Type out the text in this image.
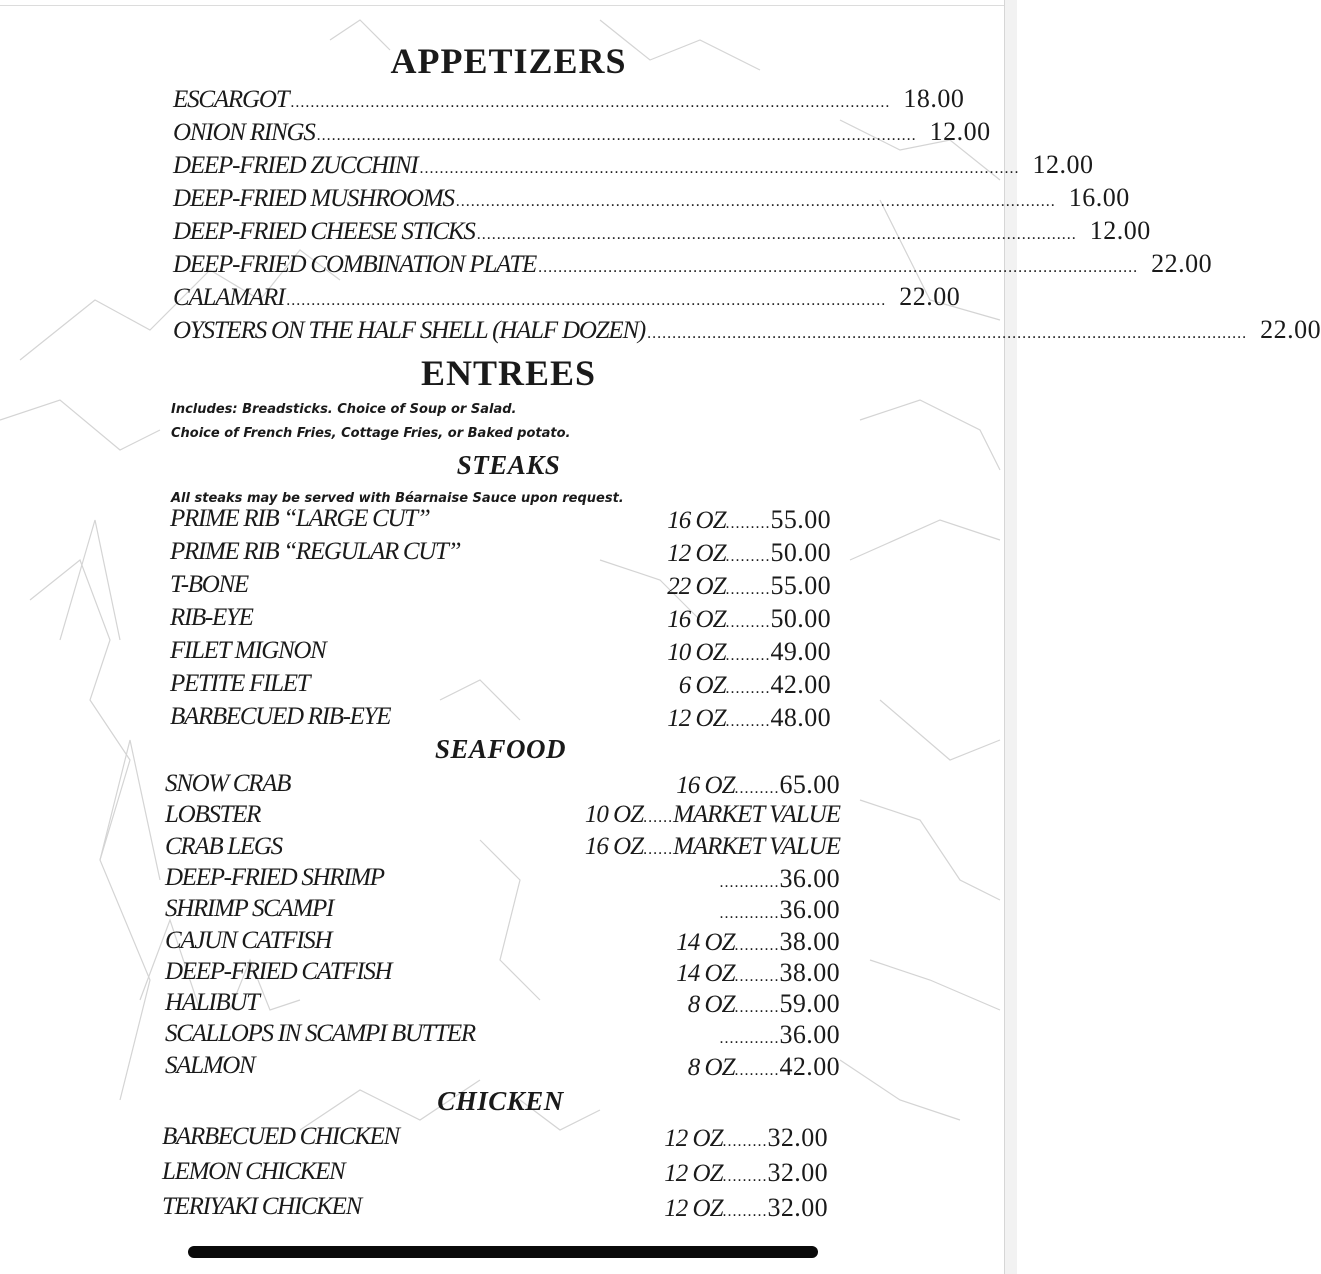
APPETIZERS
ESCARGOT ........................................................................................................................ 18.00
ONION RINGS ........................................................................................................................ 12.00
DEEP-FRIED ZUCCHINI ........................................................................................................................ 12.00
DEEP-FRIED MUSHROOMS ........................................................................................................................ 16.00
DEEP-FRIED CHEESE STICKS ........................................................................................................................ 12.00
DEEP-FRIED COMBINATION PLATE ........................................................................................................................ 22.00
CALAMARI ........................................................................................................................ 22.00
OYSTERS ON THE HALF SHELL (HALF DOZEN) ........................................................................................................................ 22.00
ENTREES
Includes: Breadsticks. Choice of Soup or Salad.
Choice of French Fries, Cottage Fries, or Baked potato.
STEAKS
All steaks may be served with Béarnaise Sauce upon request.
PRIME RIB “LARGE CUT”	16 OZ ......... 55.00
PRIME RIB “REGULAR CUT”	12 OZ ......... 50.00
T-BONE	22 OZ ......... 55.00
RIB-EYE	16 OZ ......... 50.00
FILET MIGNON	10 OZ ......... 49.00
PETITE FILET	6 OZ ......... 42.00
BARBECUED RIB-EYE	12 OZ ......... 48.00
SEAFOOD
SNOW CRAB	16 OZ ......... 65.00
LOBSTER	10 OZ ...... MARKET VALUE
CRAB LEGS	16 OZ ...... MARKET VALUE
DEEP-FRIED SHRIMP	............ 36.00
SHRIMP SCAMPI	............ 36.00
CAJUN CATFISH	14 OZ ......... 38.00
DEEP-FRIED CATFISH	14 OZ ......... 38.00
HALIBUT	8 OZ ......... 59.00
SCALLOPS IN SCAMPI BUTTER	............ 36.00
SALMON	8 OZ ......... 42.00
CHICKEN
BARBECUED CHICKEN	12 OZ ......... 32.00
LEMON CHICKEN	12 OZ ......... 32.00
TERIYAKI CHICKEN	12 OZ ......... 32.00
